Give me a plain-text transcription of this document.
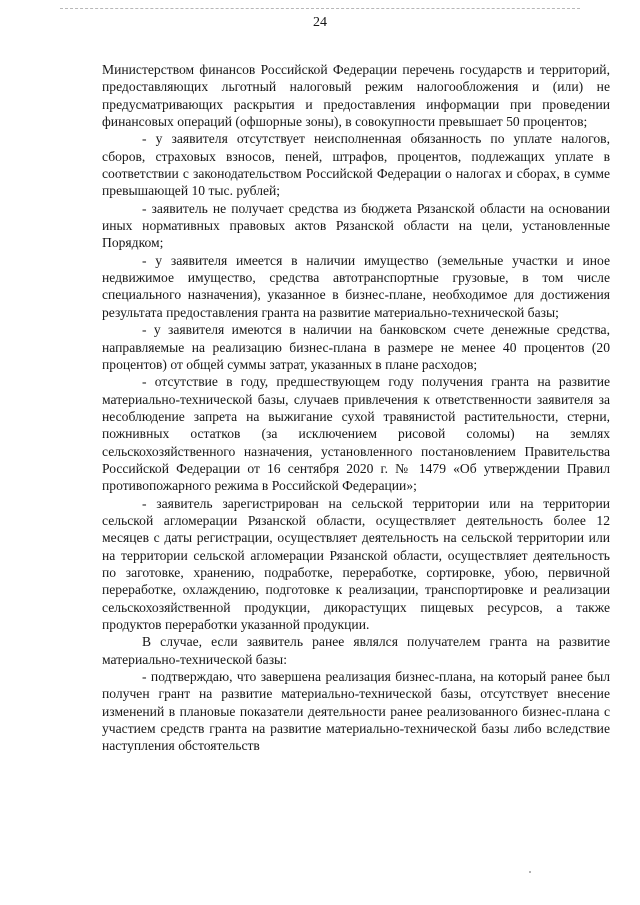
24

Министерством финансов Российской Федерации перечень государств и территорий, предоставляющих льготный налоговый режим налогообложения и (или) не предусматривающих раскрытия и предоставления информации при проведении финансовых операций (офшорные зоны), в совокупности превышает 50 процентов;

- у заявителя отсутствует неисполненная обязанность по уплате налогов, сборов, страховых взносов, пеней, штрафов, процентов, подлежащих уплате в соответствии с законодательством Российской Федерации о налогах и сборах, в сумме превышающей 10 тыс. рублей;

- заявитель не получает средства из бюджета Рязанской области на основании иных нормативных правовых актов Рязанской области на цели, установленные Порядком;

- у заявителя имеется в наличии имущество (земельные участки и иное недвижимое имущество, средства автотранспортные грузовые, в том числе специального назначения), указанное в бизнес-плане, необходимое для достижения результата предоставления гранта на развитие материально-технической базы;

- у заявителя имеются в наличии на банковском счете денежные средства, направляемые на реализацию бизнес-плана в размере не менее 40 процентов (20 процентов) от общей суммы затрат, указанных в плане расходов;

- отсутствие в году, предшествующем году получения гранта на развитие материально-технической базы, случаев привлечения к ответственности заявителя за несоблюдение запрета на выжигание сухой травянистой растительности, стерни, пожнивных остатков (за исключением рисовой соломы) на землях сельскохозяйственного назначения, установленного постановлением Правительства Российской Федерации от 16 сентября 2020 г. № 1479 «Об утверждении Правил противопожарного режима в Российской Федерации»;

- заявитель зарегистрирован на сельской территории или на территории сельской агломерации Рязанской области, осуществляет деятельность более 12 месяцев с даты регистрации, осуществляет деятельность на сельской территории или на территории сельской агломерации Рязанской области, осуществляет деятельность по заготовке, хранению, подработке, переработке, сортировке, убою, первичной переработке, охлаждению, подготовке к реализации, транспортировке и реализации сельскохозяйственной продукции, дикорастущих пищевых ресурсов, а также продуктов переработки указанной продукции.

В случае, если заявитель ранее являлся получателем гранта на развитие материально-технической базы:

- подтверждаю, что завершена реализация бизнес-плана, на который ранее был получен грант на развитие материально-технической базы, отсутствует внесение изменений в плановые показатели деятельности ранее реализованного бизнес-плана с участием средств гранта на развитие материально-технической базы либо вследствие наступления обстоятельств
